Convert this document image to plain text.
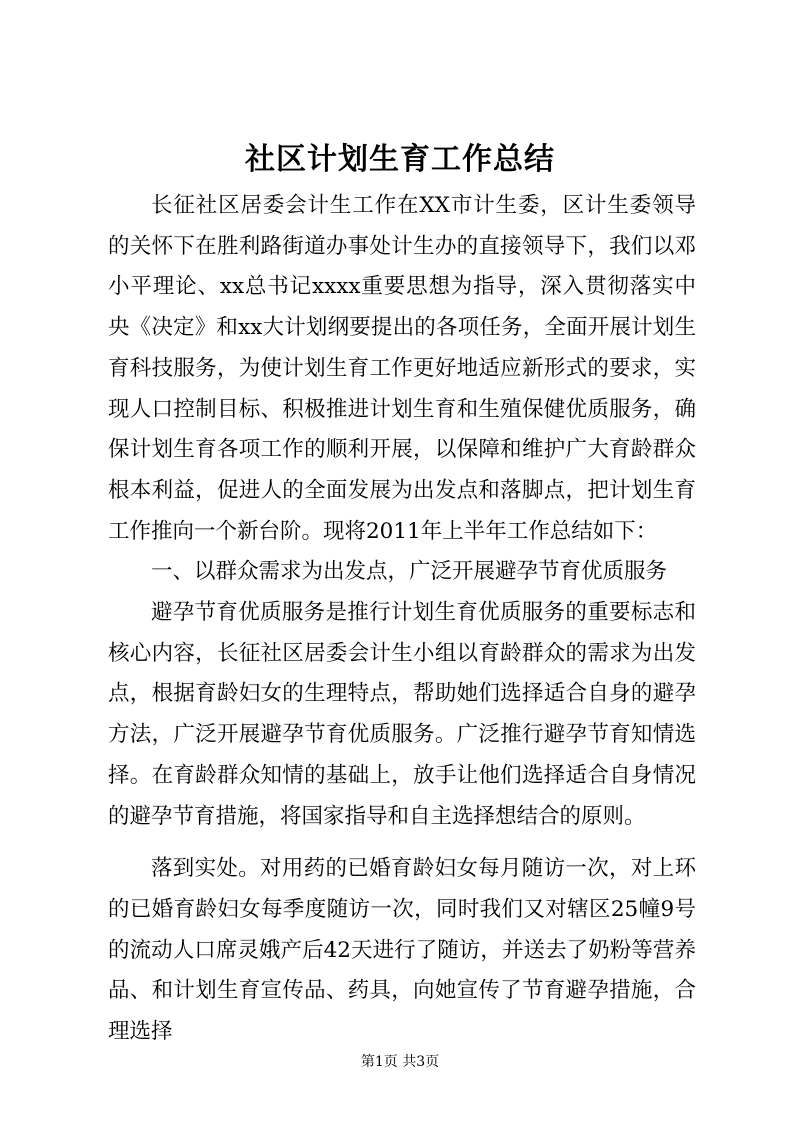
社区计划生育工作总结

长征社区居委会计生工作在XX市计生委，区计生委领导的关怀下在胜利路街道办事处计生办的直接领导下，我们以邓小平理论、xx总书记xxxx重要思想为指导，深入贯彻落实中央《决定》和xx大计划纲要提出的各项任务，全面开展计划生育科技服务，为使计划生育工作更好地适应新形式的要求，实现人口控制目标、积极推进计划生育和生殖保健优质服务，确保计划生育各项工作的顺利开展，以保障和维护广大育龄群众根本利益，促进人的全面发展为出发点和落脚点，把计划生育工作推向一个新台阶。现将2011年上半年工作总结如下：

一、以群众需求为出发点，广泛开展避孕节育优质服务

避孕节育优质服务是推行计划生育优质服务的重要标志和核心内容，长征社区居委会计生小组以育龄群众的需求为出发点，根据育龄妇女的生理特点，帮助她们选择适合自身的避孕方法，广泛开展避孕节育优质服务。广泛推行避孕节育知情选择。在育龄群众知情的基础上，放手让他们选择适合自身情况的避孕节育措施，将国家指导和自主选择想结合的原则。

落到实处。对用药的已婚育龄妇女每月随访一次，对上环的已婚育龄妇女每季度随访一次，同时我们又对辖区25幢9号的流动人口席灵娥产后42天进行了随访，并送去了奶粉等营养品、和计划生育宣传品、药具，向她宣传了节育避孕措施，合理选择

第1页 共3页
